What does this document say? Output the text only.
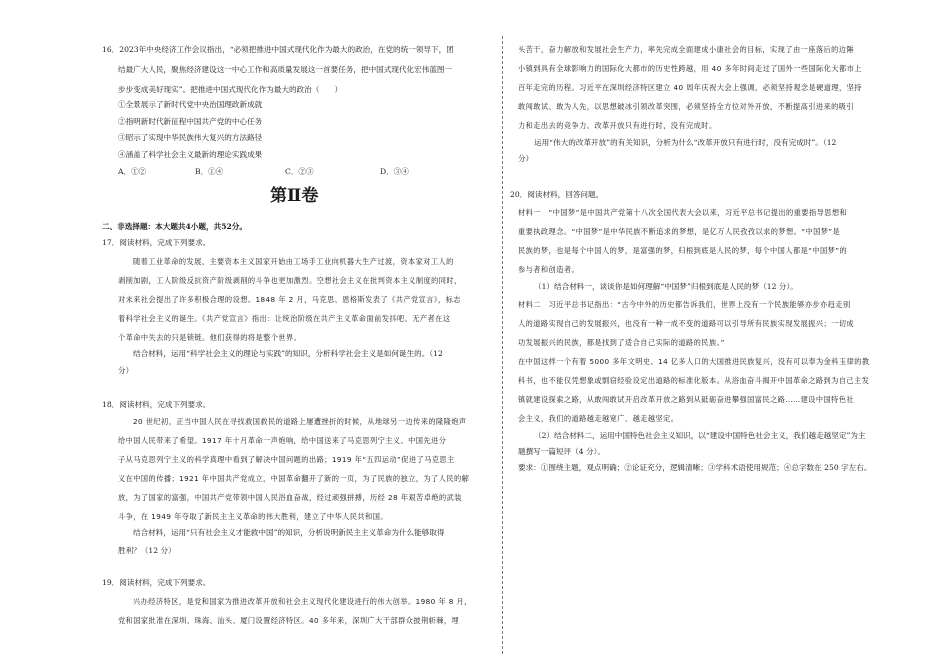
16．2023年中央经济工作会议指出，“必须把推进中国式现代化作为最大的政治，在党的统一领导下，团
结最广大人民，聚焦经济建设这一中心工作和高质量发展这一首要任务，把中国式现代化宏伟蓝图一
步步变成美好现实”。把推进中国式现代化作为最大的政治（　　）
①全景展示了新时代党中央治国理政新成就
②指明新时代新征程中国共产党的中心任务
③昭示了实现中华民族伟大复兴的方法路径
④涵盖了科学社会主义最新的理论实践成果
A．①②	B．①④	C．②③	D．③④
第Ⅱ卷
二、非选择题：本大题共4小题，共52分。
17．阅读材料，完成下列要求。
随着工业革命的发展，主要资本主义国家开始由工场手工业向机器大生产过渡，资本家对工人的
剥削加剧，工人阶级反抗资产阶级剥削的斗争也更加激烈。空想社会主义在批判资本主义制度的同时，
对未来社会提出了许多积极合理的设想。1848 年 2 月，马克思、恩格斯发表了《共产党宣言》，标志
着科学社会主义的诞生。《共产党宣言》指出：让统治阶级在共产主义革命面前发抖吧。无产者在这
个革命中失去的只是锁链。他们获得的将是整个世界。
结合材料，运用“科学社会主义的理论与实践”的知识，分析科学社会主义是如何诞生的。（12
分）
18．阅读材料，完成下列要求。
20 世纪初，正当中国人民在寻找救国救民的道路上屡遭挫折的时候，从地球另一边传来的隆隆炮声
给中国人民带来了希望。1917 年十月革命一声炮响，给中国送来了马克思列宁主义。中国先进分
子从马克思列宁主义的科学真理中看到了解决中国问题的出路；1919 年“五四运动”促进了马克思主
义在中国的传播；1921 年中国共产党成立，中国革命翻开了新的一页，为了民族的独立，为了人民的解
放，为了国家的富强，中国共产党带领中国人民浴血奋战，经过顽强拼搏，历经 28 年艰苦卓绝的武装
斗争，在 1949 年夺取了新民主主义革命的伟大胜利，建立了中华人民共和国。
结合材料，运用“只有社会主义才能救中国”的知识，分析说明新民主主义革命为什么能够取得
胜利？（12 分）
19．阅读材料，完成下列要求。
兴办经济特区，是党和国家为推进改革开放和社会主义现代化建设进行的伟大创举。1980 年 8 月，
党和国家批准在深圳、珠海、汕头、厦门设置经济特区。40 多年来，深圳广大干部群众披荆斩棘，埋
头苦干，奋力解放和发展社会生产力，率先完成全面建成小康社会的目标，实现了由一座落后的边陲
小镇到具有全球影响力的国际化大都市的历史性跨越，用 40 多年时间走过了国外一些国际化大都市上
百年走完的历程。习近平在深圳经济特区建立 40 周年庆祝大会上强调，必须坚持观念是硬道理，坚持
敢闯敢试、敢为人先，以思想破冰引领改革突围，必须坚持全方位对外开放，不断提高引进来的吸引
力和走出去的竞争力。改革开放只有进行时，没有完成时。
运用“伟大的改革开放”的有关知识，分析为什么“改革开放只有进行时，没有完成时”。（12
分）
20．阅读材料，回答问题。
材料一　“中国梦”是中国共产党第十八次全国代表大会以来，习近平总书记提出的重要指导思想和
重要执政理念。“中国梦”是中华民族不断追求的梦想，是亿万人民孜孜以求的梦想。“中国梦”是
民族的梦，也是每个中国人的梦，是富强的梦，归根到底是人民的梦，每个中国人都是“中国梦”的
参与者和创造者。
（1）结合材料一，谈谈你是如何理解“中国梦”归根到底是人民的梦（12 分）。
材料二　习近平总书记指出：“古今中外的历史都告诉我们，世界上没有一个民族能够亦步亦趋走别
人的道路实现自己的发展振兴，也没有一种一成不变的道路可以引导所有民族实现发展振兴；一切成
功发展振兴的民族，都是找到了适合自己实际的道路的民族。”
在中国这样一个有着 5000 多年文明史、14 亿多人口的大国推进民族复兴，没有可以奉为金科玉律的教
科书，也不能仅凭想象或剽窃经验设定出道路的标准化版本。从浴血奋斗揭开中国革命之路到为自己主发
镇就建设探索之路，从敢闯敢试开启改革开放之路到从砥砺奋进攀强国富民之路……建设中国特色社
会主义，我们的道路越走越宽广、越走越坚定。
（2）结合材料二，运用中国特色社会主义知识，以“建设中国特色社会主义，我们越走越坚定”为主
题撰写一篇短评（4 分）。
要求：①围绕主题，观点明确；②论证充分，逻辑清晰；③学科术语使用规范；④总字数在 250 字左右。
